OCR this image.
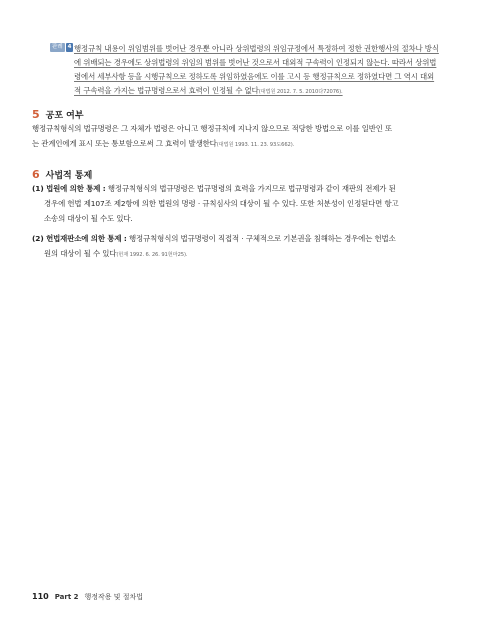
판례 4 행정규칙 내용이 위임범위를 벗어난 경우뿐 아니라 상위법령의 위임규정에서 특정하여 정한 권한행사의 절차나 방식
에 위배되는 경우에도 상위법령의 위임의 범위를 벗어난 것으로서 대외적 구속력이 인정되지 않는다. 따라서 상위법
령에서 세부사항 등을 시행규칙으로 정하도록 위임하였음에도 이를 고시 등 행정규칙으로 정하였다면 그 역시 대외
적 구속력을 가지는 법규명령으로서 효력이 인정될 수 없다(대법원 2012. 7. 5. 2010다72076).
5 공포 여부
행정규칙형식의 법규명령은 그 자체가 법령은 아니고 행정규칙에 지나지 않으므로 적당한 방법으로 이를 일반인 또
는 관계인에게 표시 또는 통보함으로써 그 효력이 발생한다(대법원 1993. 11. 23. 93도662).
6 사법적 통제
(1) 법원에 의한 통제 : 행정규칙형식의 법규명령은 법규명령의 효력을 가지므로 법규명령과 같이 재판의 전제가 된
경우에 헌법 제107조 제2항에 의한 법원의 명령 · 규칙심사의 대상이 될 수 있다. 또한 처분성이 인정된다면 항고
소송의 대상이 될 수도 있다.
(2) 헌법재판소에 의한 통제 : 행정규칙형식의 법규명령이 직접적 · 구체적으로 기본권을 침해하는 경우에는 헌법소
원의 대상이 될 수 있다(헌재 1992. 6. 26. 91헌마25).
110 Part 2 행정작용 및 절차법
